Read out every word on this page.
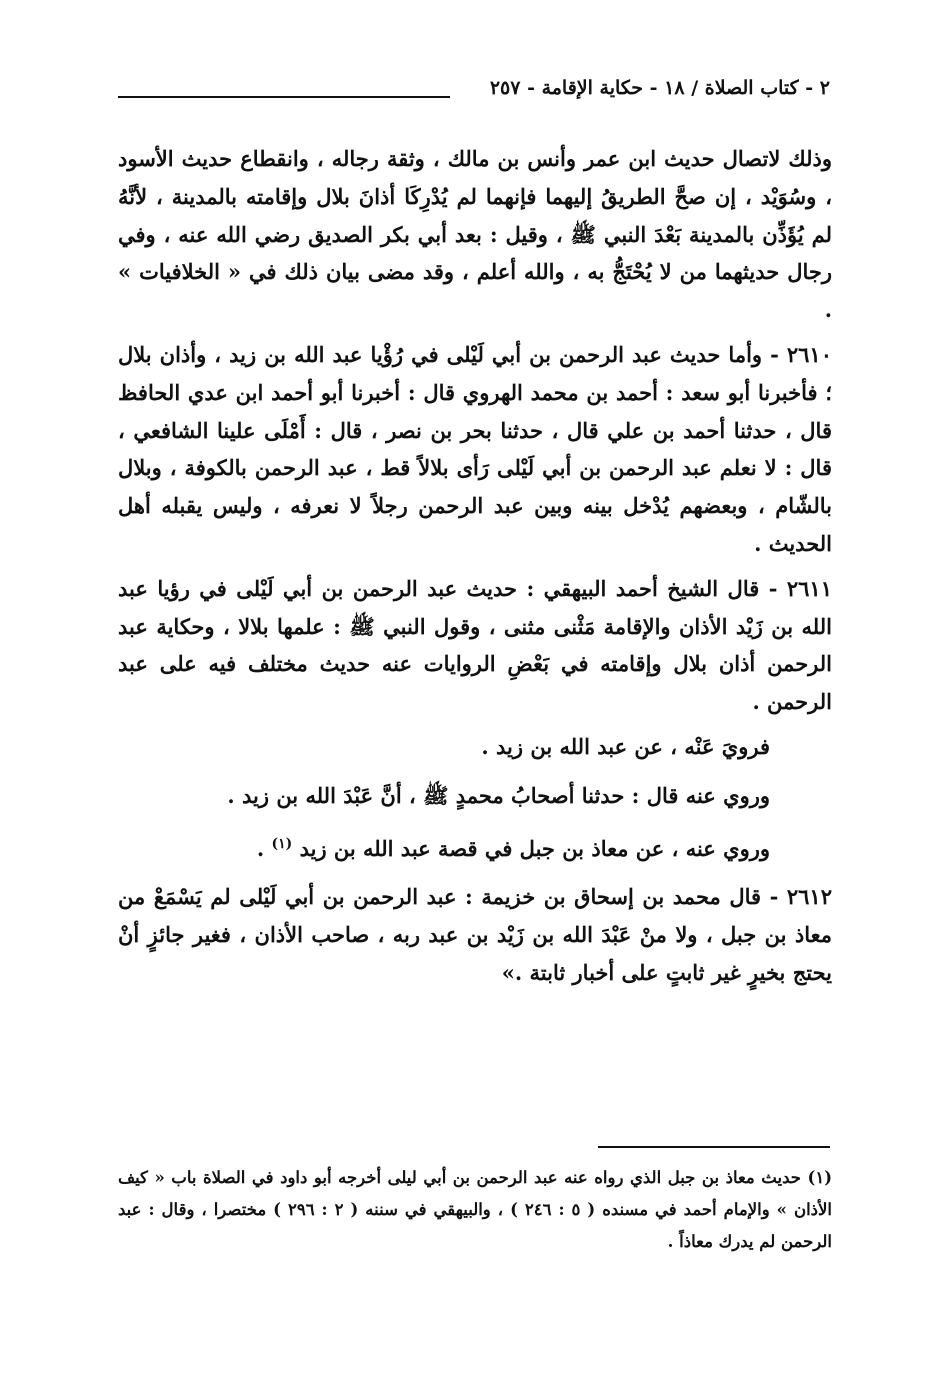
٢ - كتاب الصلاة / ١٨ - حكاية الإقامة - ٢٥٧

وذلك لاتصال حديث ابن عمر وأنس بن مالك ، وثقة رجاله ، وانقطاع حديث الأسود ، وسُوَيْد ، إن صحَّ الطريقُ إليهما فإنهما لم يُدْرِكَا أذانَ بلال وإقامته بالمدينة ، لأنَّهُ لم يُؤَذِّن بالمدينة بَعْدَ النبي ﷺ ، وقيل : بعد أبي بكر الصديق رضي الله عنه ، وفي رجال حديثهما من لا يُحْتَجُّ به ، والله أعلم ، وقد مضى بيان ذلك في « الخلافيات » .

٢٦١٠ - وأما حديث عبد الرحمن بن أبي لَيْلى في رُؤْيا عبد الله بن زيد ، وأذان بلال ؛ فأخبرنا أبو سعد : أحمد بن محمد الهروي قال : أخبرنا أبو أحمد ابن عدي الحافظ قال ، حدثنا أحمد بن علي قال ، حدثنا بحر بن نصر ، قال : أَمْلَى علينا الشافعي ، قال : لا نعلم عبد الرحمن بن أبي لَيْلى رَأى بلالاً قط ، عبد الرحمن بالكوفة ، وبلال بالشّام ، وبعضهم يُدْخل بينه وبين عبد الرحمن رجلاً لا نعرفه ، وليس يقبله أهل الحديث .

٢٦١١ - قال الشيخ أحمد البيهقي : حديث عبد الرحمن بن أبي لَيْلى في رؤيا عبد الله بن زَيْد الأذان والإقامة مَثْنى مثنى ، وقول النبي ﷺ : علمها بلالا ، وحكاية عبد الرحمن أذان بلال وإقامته في بَعْضِ الروايات عنه حديث مختلف فيه على عبد الرحمن .

فرويَ عَنْه ، عن عبد الله بن زيد .

وروي عنه قال : حدثنا أصحابُ محمدٍ ﷺ ، أنَّ عَبْدَ الله بن زيد .

وروي عنه ، عن معاذ بن جبل في قصة عبد الله بن زيد $^{(١)}$ .

٢٦١٢ - قال محمد بن إسحاق بن خزيمة : عبد الرحمن بن أبي لَيْلى لم يَسْمَعْ من معاذ بن جبل ، ولا منْ عَبْدَ الله بن زَيْد بن عبد ربه ، صاحب الأذان ، فغير جائزٍ أنْ يحتج بخيرٍ غير ثابتٍ على أخبار ثابتة .»

(١) حديث معاذ بن جبل الذي رواه عنه عبد الرحمن بن أبي ليلى أخرجه أبو داود في الصلاة باب « كيف الأذان » والإمام أحمد في مسنده ( ٥ : ٢٤٦ ) ، والبيهقي في سننه ( ٢ : ٢٩٦ ) مختصرا ، وقال : عبد الرحمن لم يدرك معاذاً .
